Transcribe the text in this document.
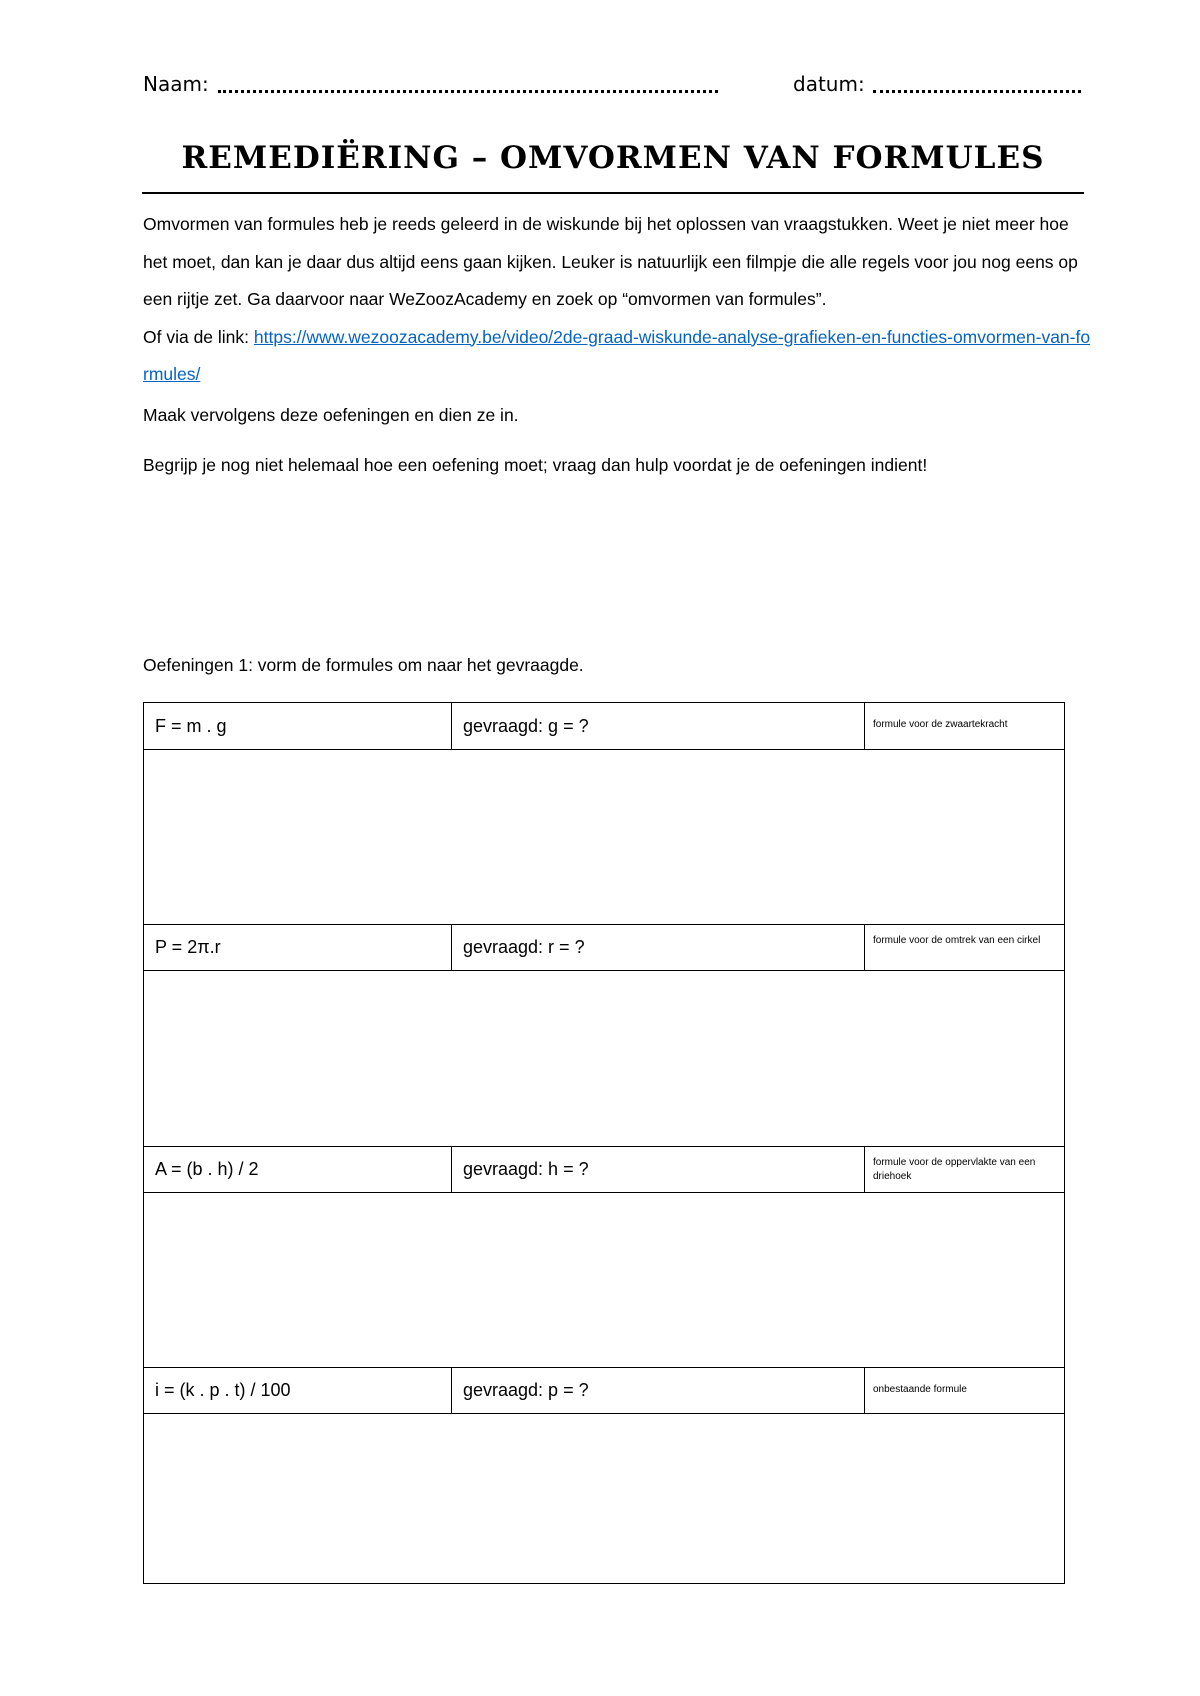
Naam:	datum:
REMEDIËRING – OMVORMEN VAN FORMULES
Omvormen van formules heb je reeds geleerd in de wiskunde bij het oplossen van vraagstukken. Weet je niet meer hoe het moet, dan kan je daar dus altijd eens gaan kijken. Leuker is natuurlijk een filmpje die alle regels voor jou nog eens op een rijtje zet. Ga daarvoor naar WeZoozAcademy en zoek op “omvormen van formules”.
Of via de link: https://www.wezoozacademy.be/video/2de-graad-wiskunde-analyse-grafieken-en-functies-omvormen-van-formules/
Maak vervolgens deze oefeningen en dien ze in.
Begrijp je nog niet helemaal hoe een oefening moet; vraag dan hulp voordat je de oefeningen indient!
Oefeningen 1: vorm de formules om naar het gevraagde.
F = m . g	gevraagd: g = ?	formule voor de zwaartekracht
P = 2π.r	gevraagd: r = ?	formule voor de omtrek van een cirkel
A = (b . h) / 2	gevraagd: h = ?	formule voor de oppervlakte van een driehoek
i = (k . p . t) / 100	gevraagd: p = ?	onbestaande formule
